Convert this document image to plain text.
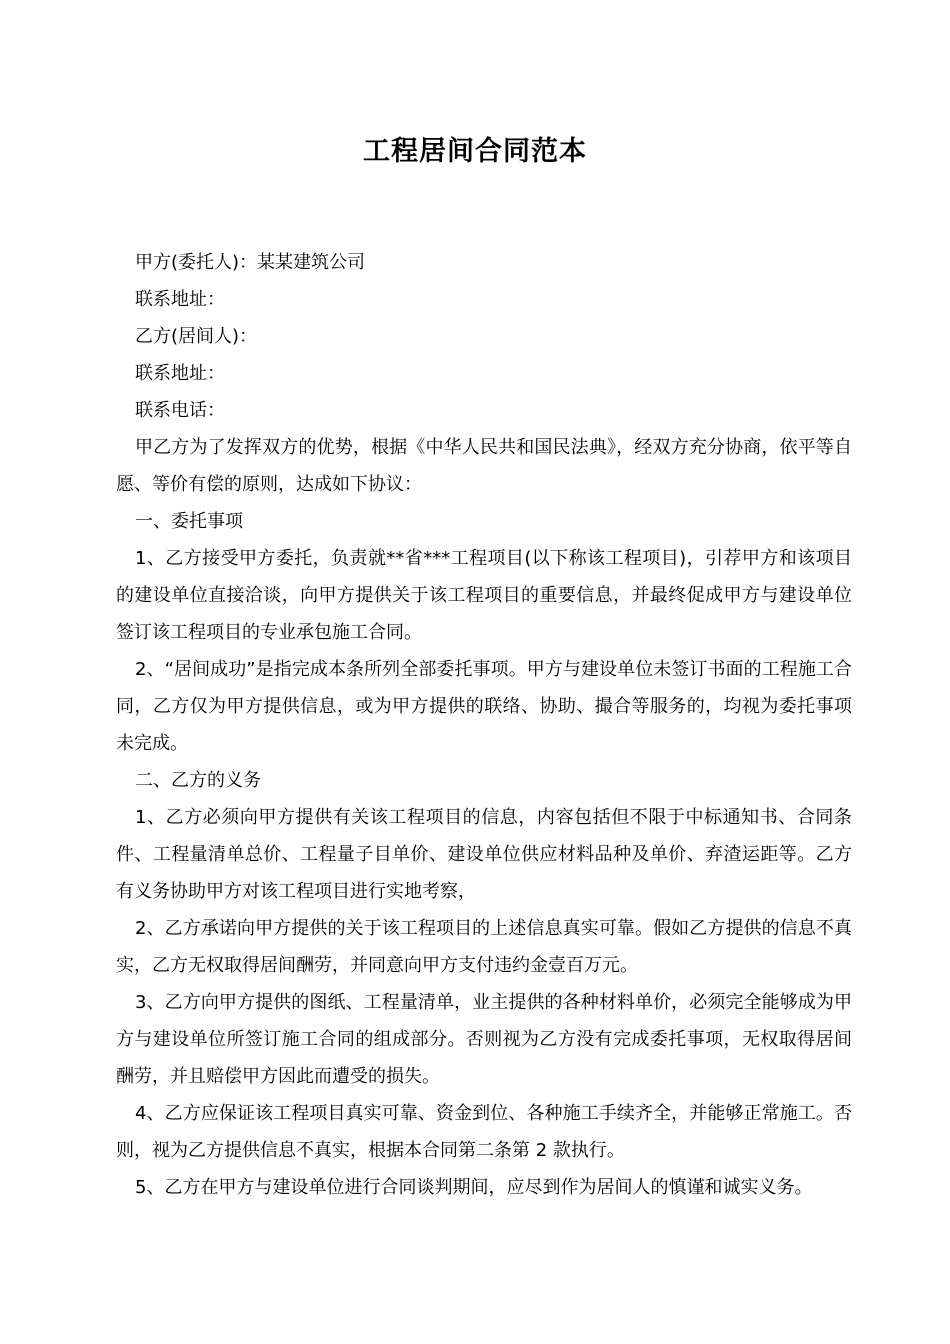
工程居间合同范本

甲方(委托人)：某某建筑公司

联系地址：

乙方(居间人)：

联系地址：

联系电话：

甲乙方为了发挥双方的优势，根据《中华人民共和国民法典》，经双方充分协商，依平等自愿、等价有偿的原则，达成如下协议：

一、委托事项

1、乙方接受甲方委托，负责就**省***工程项目(以下称该工程项目)，引荐甲方和该项目的建设单位直接洽谈，向甲方提供关于该工程项目的重要信息，并最终促成甲方与建设单位签订该工程项目的专业承包施工合同。

2、“居间成功”是指完成本条所列全部委托事项。甲方与建设单位未签订书面的工程施工合同，乙方仅为甲方提供信息，或为甲方提供的联络、协助、撮合等服务的，均视为委托事项未完成。

二、乙方的义务

1、乙方必须向甲方提供有关该工程项目的信息，内容包括但不限于中标通知书、合同条件、工程量清单总价、工程量子目单价、建设单位供应材料品种及单价、弃渣运距等。乙方有义务协助甲方对该工程项目进行实地考察，

2、乙方承诺向甲方提供的关于该工程项目的上述信息真实可靠。假如乙方提供的信息不真实，乙方无权取得居间酬劳，并同意向甲方支付违约金壹百万元。

3、乙方向甲方提供的图纸、工程量清单，业主提供的各种材料单价，必须完全能够成为甲方与建设单位所签订施工合同的组成部分。否则视为乙方没有完成委托事项，无权取得居间酬劳，并且赔偿甲方因此而遭受的损失。

4、乙方应保证该工程项目真实可靠、资金到位、各种施工手续齐全，并能够正常施工。否则，视为乙方提供信息不真实，根据本合同第二条第 2 款执行。

5、乙方在甲方与建设单位进行合同谈判期间，应尽到作为居间人的慎谨和诚实义务。
